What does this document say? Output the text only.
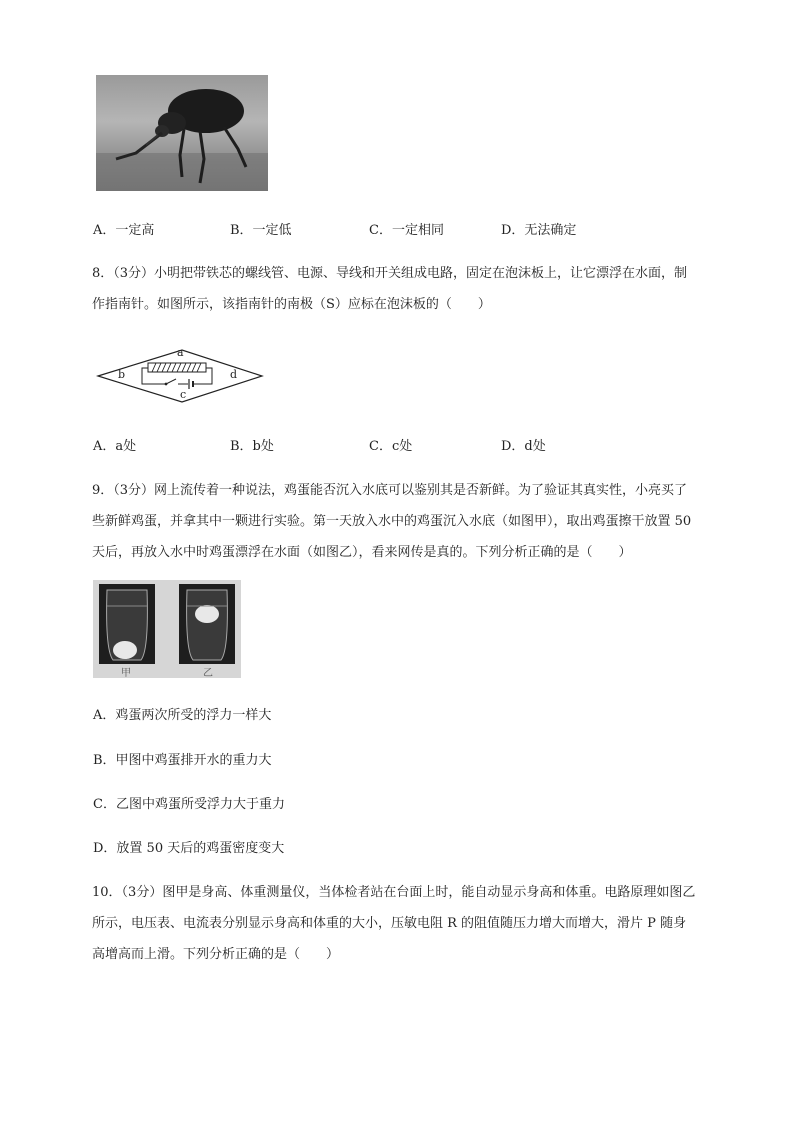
A．一定高	B．一定低	C．一定相同	D．无法确定
8．（3分）小明把带铁芯的螺线管、电源、导线和开关组成电路，固定在泡沫板上，让它漂浮在水面，制
作指南针。如图所示，该指南针的南极（S）应标在泡沫板的（　　）
a
b
c
d
A．a处	B．b处	C．c处	D．d处
9．（3分）网上流传着一种说法，鸡蛋能否沉入水底可以鉴别其是否新鲜。为了验证其真实性，小亮买了
些新鲜鸡蛋，并拿其中一颗进行实验。第一天放入水中的鸡蛋沉入水底（如图甲），取出鸡蛋擦干放置 50
天后，再放入水中时鸡蛋漂浮在水面（如图乙），看来网传是真的。下列分析正确的是（　　）
甲	乙
A．鸡蛋两次所受的浮力一样大
B．甲图中鸡蛋排开水的重力大
C．乙图中鸡蛋所受浮力大于重力
D．放置 50 天后的鸡蛋密度变大
10．（3分）图甲是身高、体重测量仪，当体检者站在台面上时，能自动显示身高和体重。电路原理如图乙
所示，电压表、电流表分别显示身高和体重的大小，压敏电阻 R 的阻值随压力增大而增大，滑片 P 随身
高增高而上滑。下列分析正确的是（　　）
